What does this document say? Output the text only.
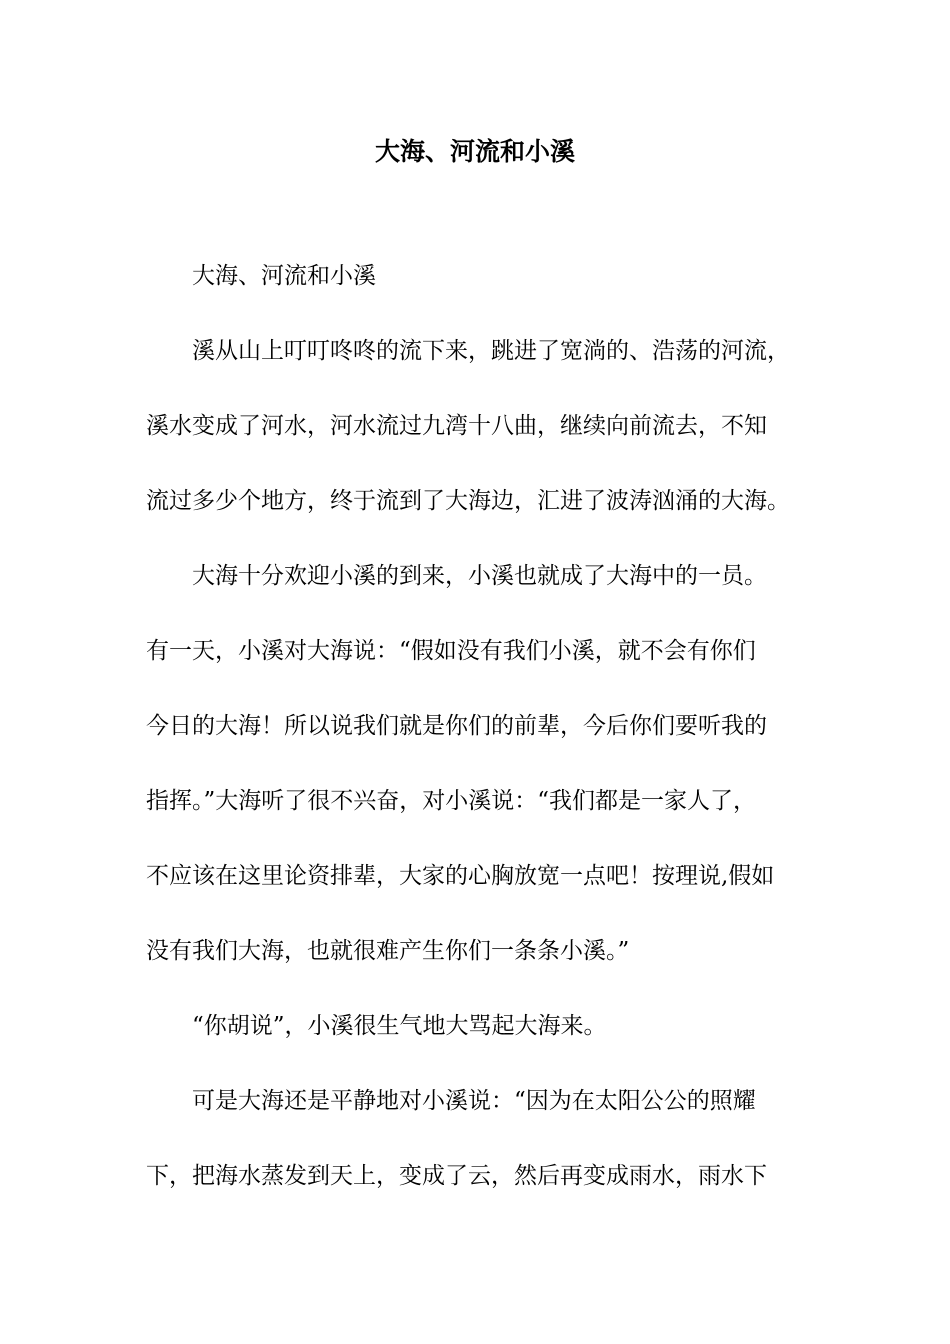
大海、河流和小溪

大海、河流和小溪

溪从山上叮叮咚咚的流下来，跳进了宽淌的、浩荡的河流，

溪水变成了河水，河水流过九湾十八曲，继续向前流去，不知

流过多少个地方，终于流到了大海边，汇进了波涛汹涌的大海。

大海十分欢迎小溪的到来，小溪也就成了大海中的一员。

有一天，小溪对大海说：“假如没有我们小溪，就不会有你们

今日的大海！所以说我们就是你们的前辈，今后你们要听我的

指挥。”大海听了很不兴奋，对小溪说：“我们都是一家人了，

不应该在这里论资排辈，大家的心胸放宽一点吧！按理说,假如

没有我们大海，也就很难产生你们一条条小溪。”

“你胡说”，小溪很生气地大骂起大海来。

可是大海还是平静地对小溪说：“因为在太阳公公的照耀

下，把海水蒸发到天上，变成了云，然后再变成雨水，雨水下
